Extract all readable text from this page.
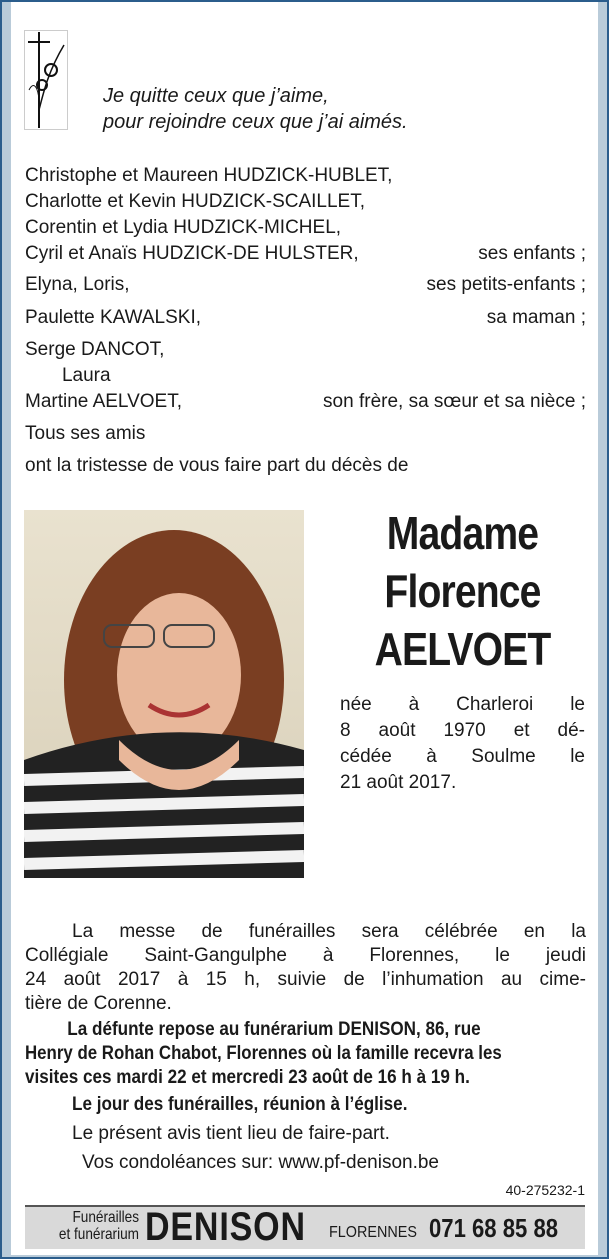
Je quitte ceux que j’aime,
pour rejoindre ceux que j’ai aimés.
Christophe et Maureen HUDZICK-HUBLET,
Charlotte et Kevin HUDZICK-SCAILLET,
Corentin et Lydia HUDZICK-MICHEL,
Cyril et Anaïs HUDZICK-DE HULSTER,	ses enfants ;
Elyna, Loris,	ses petits-enfants ;
Paulette KAWALSKI,	sa maman ;
Serge DANCOT,
Laura
Martine AELVOET,	son frère, sa sœur et sa nièce ;
Tous ses amis
ont la tristesse de vous faire part du décès de
Madame
Florence
AELVOET
née à Charleroi le
8 août 1970 et dé-
cédée à Soulme le
21 août 2017.
La messe de funérailles sera célébrée en la
Collégiale Saint-Gangulphe à Florennes, le jeudi
24 août 2017 à 15 h, suivie de l’inhumation au cime-
tière de Corenne.
La défunte repose au funérarium DENISON, 86, rue
Henry de Rohan Chabot, Florennes où la famille recevra les
visites ces mardi 22 et mercredi 23 août de 16 h à 19 h.
Le jour des funérailles, réunion à l’église.
Le présent avis tient lieu de faire-part.
Vos condoléances sur: www.pf-denison.be
40-275232-1
Funérailles
et funérarium DENISON FLORENNES 071 68 85 88
